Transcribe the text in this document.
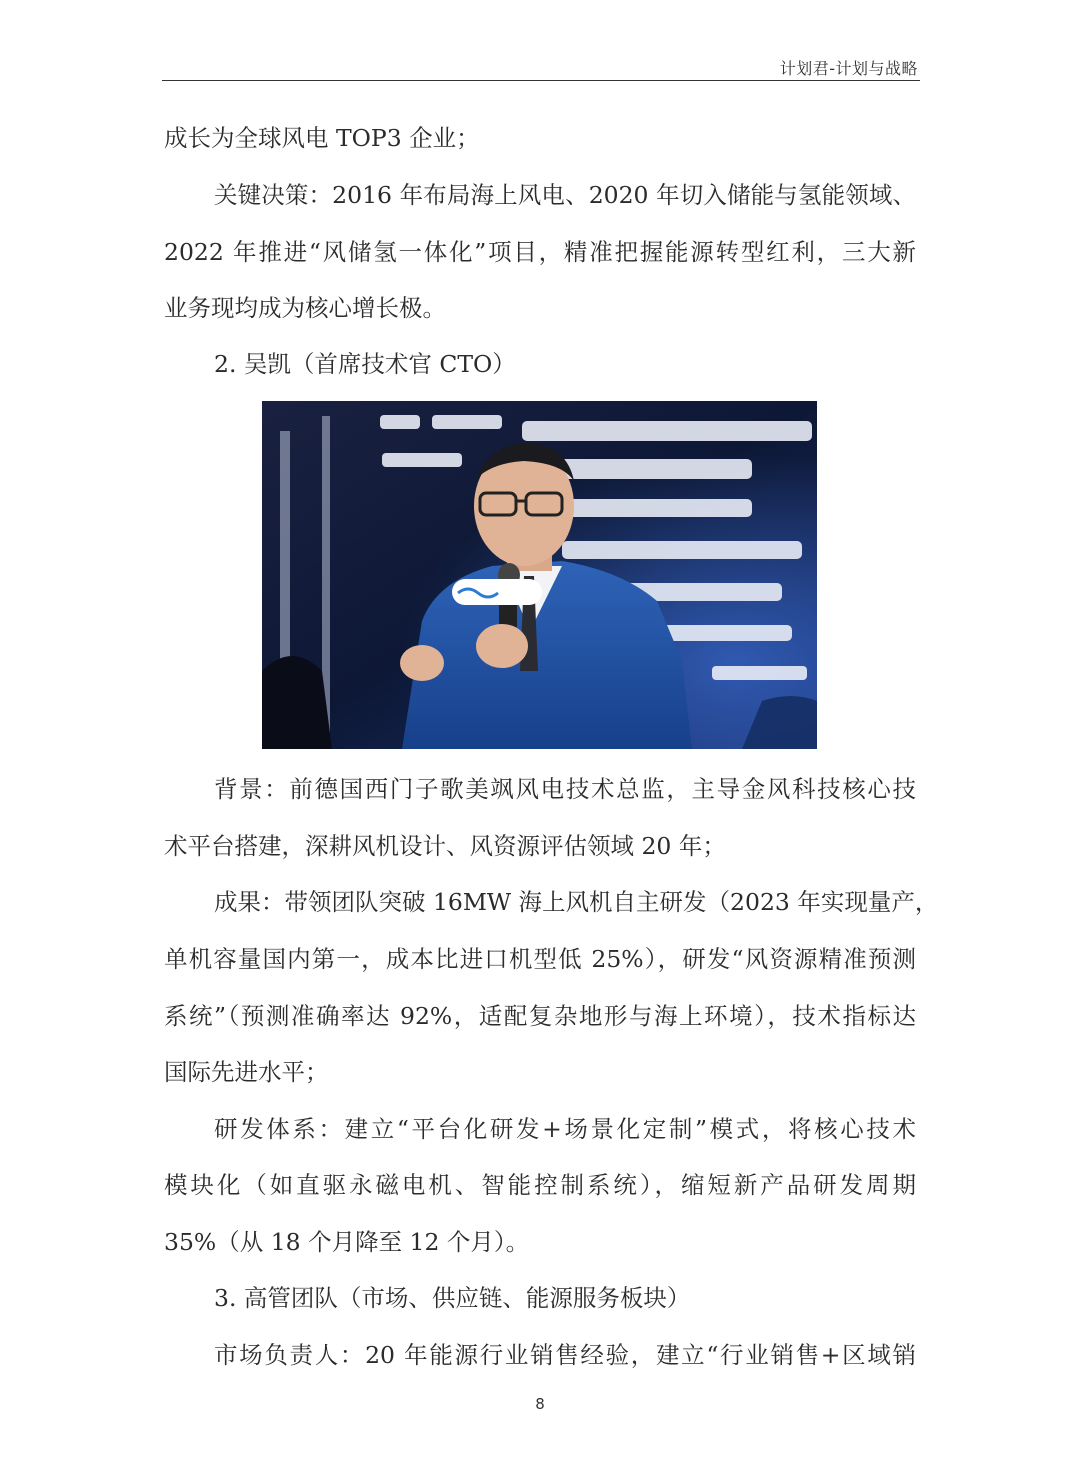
计划君-计划与战略
成长为全球风电 TOP3 企业；
关键决策：2016 年布局海上风电、2020 年切入储能与氢能领域、
2022 年推进“风储氢一体化”项目，精准把握能源转型红利，三大新
业务现均成为核心增长极。
2. 吴凯（首席技术官 CTO）
背景：前德国西门子歌美飒风电技术总监，主导金风科技核心技
术平台搭建，深耕风机设计、风资源评估领域 20 年；
成果：带领团队突破 16MW 海上风机自主研发（2023 年实现量产，
单机容量国内第一，成本比进口机型低 25%），研发“风资源精准预测
系统”（预测准确率达 92%，适配复杂地形与海上环境），技术指标达
国际先进水平；
研发体系：建立“平台化研发+场景化定制”模式，将核心技术
模块化（如直驱永磁电机、智能控制系统），缩短新产品研发周期
35%（从 18 个月降至 12 个月）。
3. 高管团队（市场、供应链、能源服务板块）
市场负责人：20 年能源行业销售经验，建立“行业销售+区域销
8
